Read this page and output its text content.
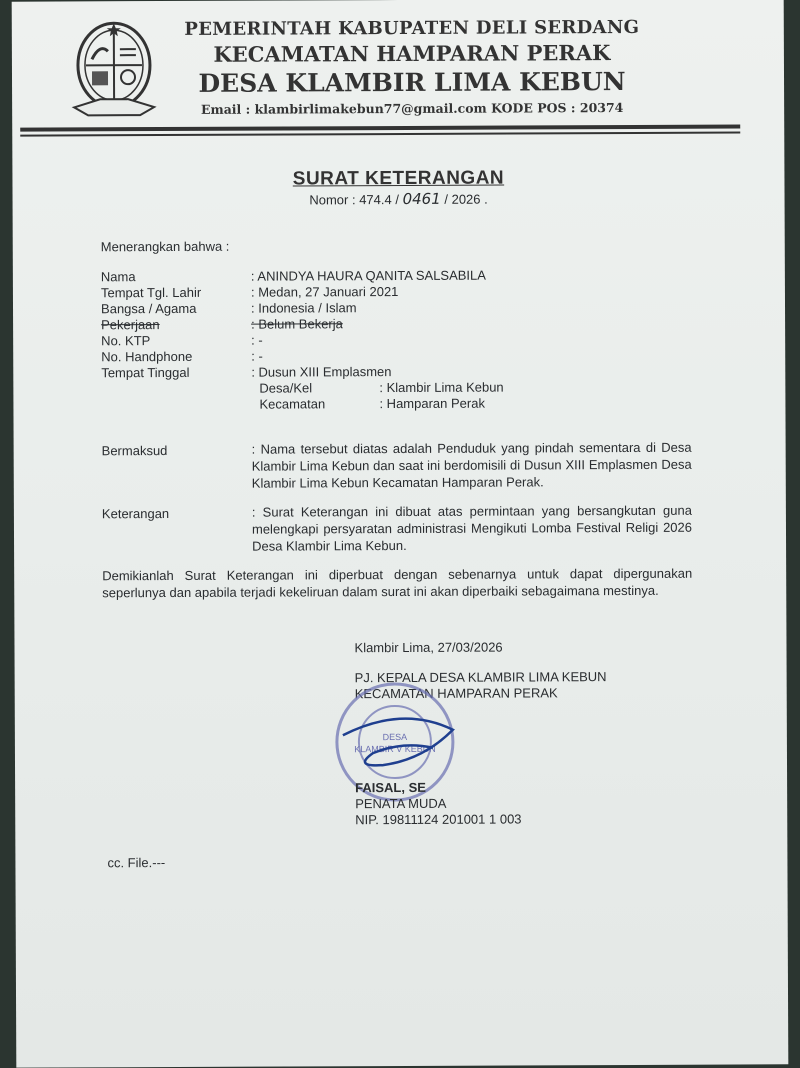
PEMERINTAH KABUPATEN DELI SERDANG
KECAMATAN HAMPARAN PERAK
DESA KLAMBIR LIMA KEBUN
Email : klambirlimakebun77@gmail.com KODE POS : 20374
SURAT KETERANGAN
Nomor : 474.4 / 0461 / 2026 .
Menerangkan bahwa :
Nama	: ANINDYA HAURA QANITA SALSABILA
Tempat Tgl. Lahir	: Medan, 27 Januari 2021
Bangsa / Agama	: Indonesia / Islam
Pekerjaan	: Belum Bekerja
No. KTP	: -
No. Handphone	: -
Tempat Tinggal	: Dusun XIII Emplasmen
Desa/Kel	: Klambir Lima Kebun
Kecamatan	: Hamparan Perak
Bermaksud	: Nama tersebut diatas adalah Penduduk yang pindah sementara di Desa Klambir Lima Kebun dan saat ini berdomisili di Dusun XIII Emplasmen Desa Klambir Lima Kebun Kecamatan Hamparan Perak.
Keterangan	: Surat Keterangan ini dibuat atas permintaan yang bersangkutan guna melengkapi persyaratan administrasi Mengikuti Lomba Festival Religi 2026 Desa Klambir Lima Kebun.
Demikianlah Surat Keterangan ini diperbuat dengan sebenarnya untuk dapat dipergunakan seperlunya dan apabila terjadi kekeliruan dalam surat ini akan diperbaiki sebagaimana mestinya.
Klambir Lima, 27/03/2026
PJ. KEPALA DESA KLAMBIR LIMA KEBUN
KECAMATAN HAMPARAN PERAK
DESA
KLAMBIR V KEBUN
FAISAL, SE
PENATA MUDA
NIP. 19811124 201001 1 003
cc. File.---
